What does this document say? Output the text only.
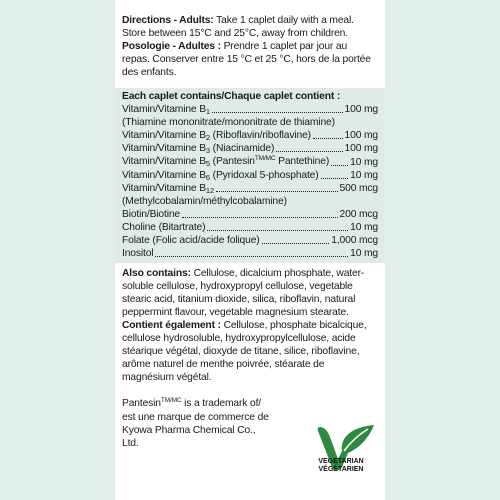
Directions - Adults: Take 1 caplet daily with a meal. Store between 15°C and 25°C, away from children.

Posologie - Adultes : Prendre 1 caplet par jour au repas. Conserver entre 15 °C et 25 °C, hors de la portée des enfants.

Each caplet contains/Chaque caplet contient :

Vitamin/Vitamine B1	100 mg
(Thiamine mononitrate/mononitrate de thiamine)
Vitamin/Vitamine B2 (Riboflavin/riboflavine)	100 mg
Vitamin/Vitamine B3 (Niacinamide)	100 mg
Vitamin/Vitamine B5 (Pantesin$^{TM/MC}$ Pantethine) 10 mg
Vitamin/Vitamine B6 (Pyridoxal 5-phosphate)	10 mg
Vitamin/Vitamine B12	500 mcg
(Methylcobalamin/méthylcobalamine)
Biotin/Biotine	200 mcg
Choline (Bitartrate)	10 mg
Folate (Folic acid/acide folique)	1,000 mcg
Inositol	10 mg

Also contains: Cellulose, dicalcium phosphate, water-soluble cellulose, hydroxypropyl cellulose, vegetable stearic acid, titanium dioxide, silica, riboflavin, natural peppermint flavour, vegetable magnesium stearate.

Contient également : Cellulose, phosphate bicalcique, cellulose hydrosoluble, hydroxypropylcellulose, acide stéarique végétal, dioxyde de titane, silice, riboflavine, arôme naturel de menthe poivrée, stéarate de magnésium végétal.

Pantesin$^{TM/MC}$ is a trademark of/ est une marque de commerce de Kyowa Pharma Chemical Co., Ltd.

VEGETARIAN
VÉGÉTARIEN
